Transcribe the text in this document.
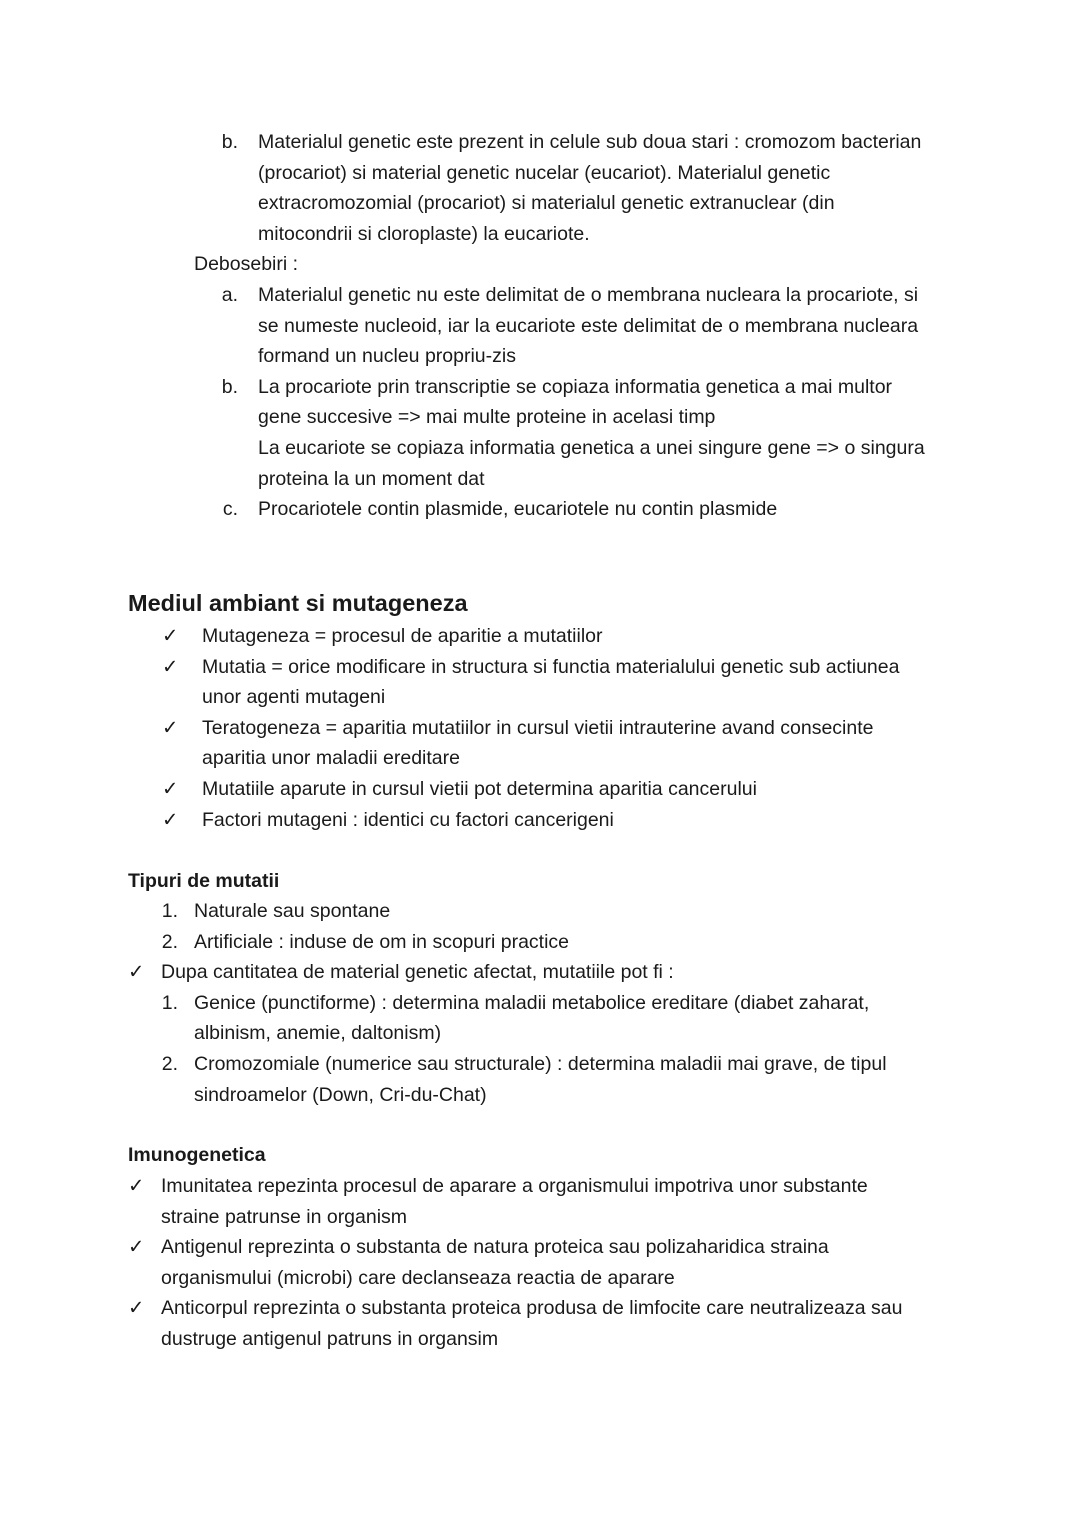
b.	Materialul genetic este prezent in celule sub doua stari : cromozom bacterian
(procariot) si material genetic nucelar (eucariot). Materialul genetic
extracromozomial (procariot) si materialul genetic extranuclear (din
mitocondrii si cloroplaste) la eucariote.
Debosebiri :
a.	Materialul genetic nu este delimitat de o membrana nucleara la procariote, si
se numeste nucleoid, iar la eucariote este delimitat de o membrana nucleara
formand un nucleu propriu-zis
b.	La procariote prin transcriptie se copiaza informatia genetica a mai multor
gene succesive => mai multe proteine in acelasi timp
La eucariote se copiaza informatia genetica a unei singure gene => o singura
proteina la un moment dat
c.	Procariotele contin plasmide, eucariotele nu contin plasmide
Mediul ambiant si mutageneza
✓	Mutageneza = procesul de aparitie a mutatiilor
✓	Mutatia = orice modificare in structura si functia materialului genetic sub actiunea
unor agenti mutageni
✓	Teratogeneza = aparitia mutatiilor in cursul vietii intrauterine avand consecinte
aparitia unor maladii ereditare
✓	Mutatiile aparute in cursul vietii pot determina aparitia cancerului
✓	Factori mutageni : identici cu factori cancerigeni
Tipuri de mutatii
1. Naturale sau spontane
2. Artificiale : induse de om in scopuri practice
✓ Dupa cantitatea de material genetic afectat, mutatiile pot fi :
1. Genice (punctiforme) : determina maladii metabolice ereditare (diabet zaharat,
albinism, anemie, daltonism)
2. Cromozomiale (numerice sau structurale) : determina maladii mai grave, de tipul
sindroamelor (Down, Cri-du-Chat)
Imunogenetica
✓ Imunitatea repezinta procesul de aparare a organismului impotriva unor substante
straine patrunse in organism
✓ Antigenul reprezinta o substanta de natura proteica sau polizaharidica straina
organismului (microbi) care declanseaza reactia de aparare
✓ Anticorpul reprezinta o substanta proteica produsa de limfocite care neutralizeaza sau
dustruge antigenul patruns in organsim
